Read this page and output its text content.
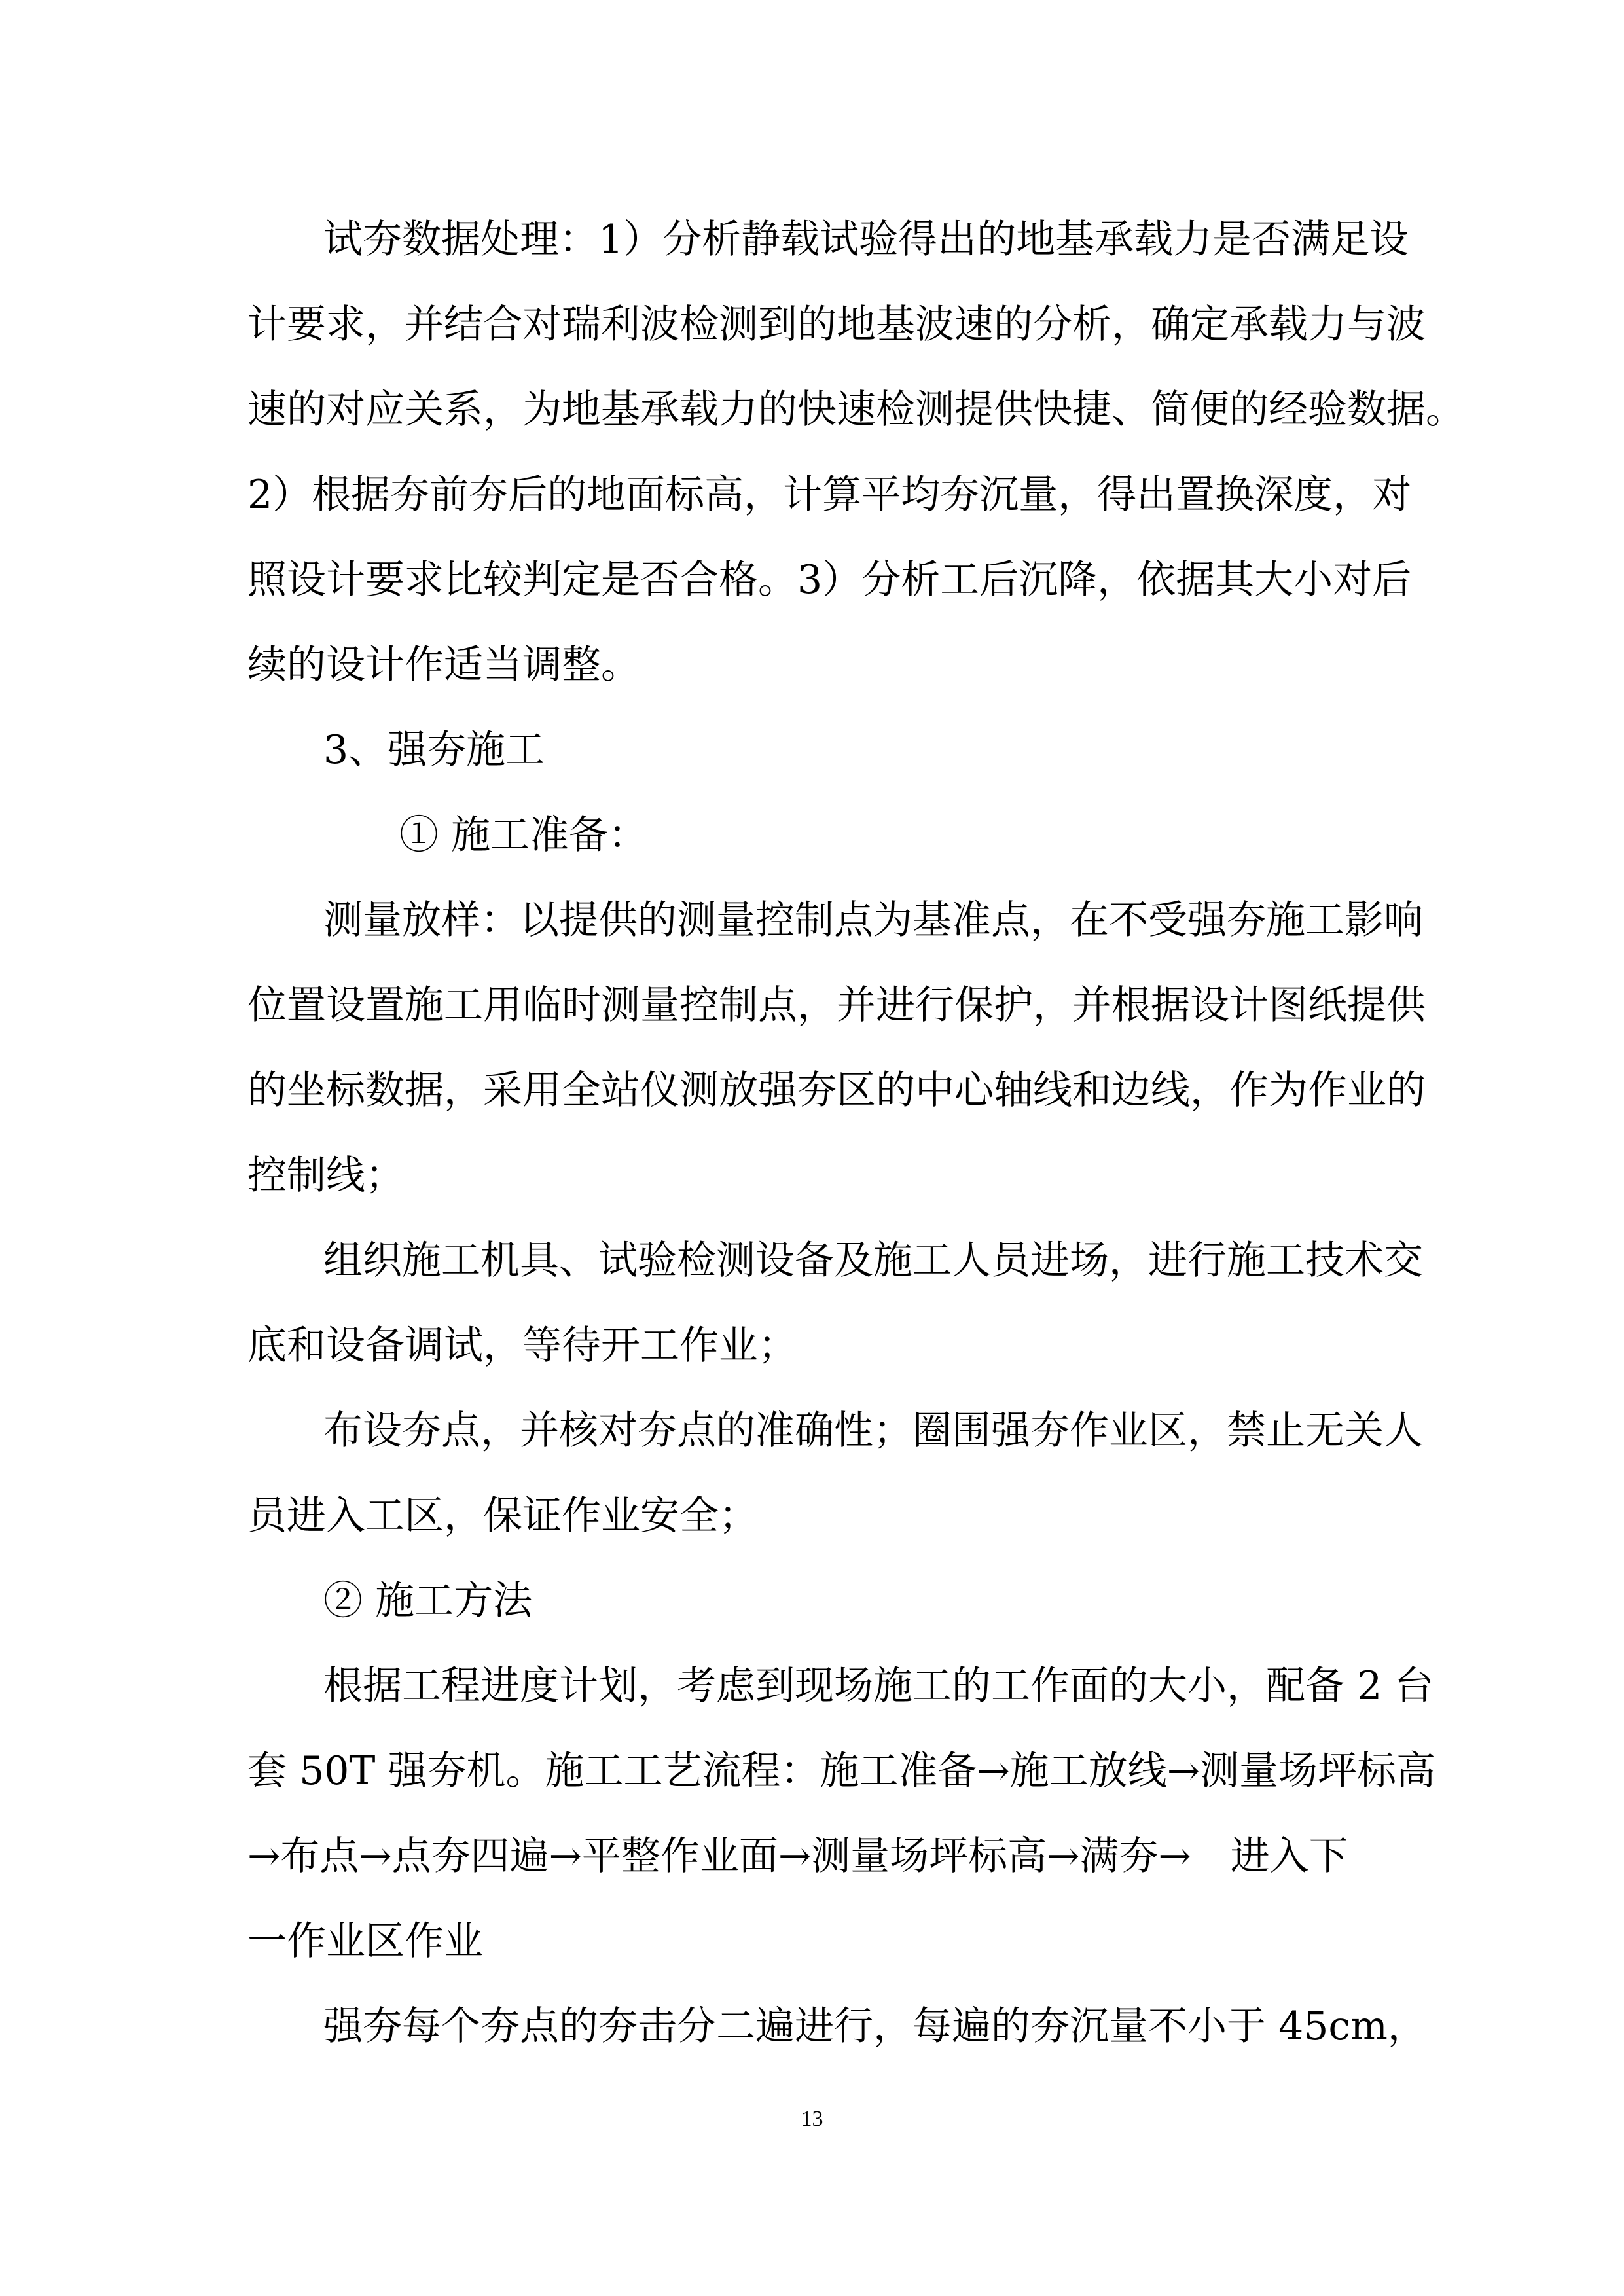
试夯数据处理：1）分析静载试验得出的地基承载力是否满足设
计要求，并结合对瑞利波检测到的地基波速的分析，确定承载力与波
速的对应关系，为地基承载力的快速检测提供快捷、简便的经验数据。
2）根据夯前夯后的地面标高，计算平均夯沉量，得出置换深度，对
照设计要求比较判定是否合格。3）分析工后沉降，依据其大小对后
续的设计作适当调整。
3、强夯施工
① 施工准备：
测量放样：以提供的测量控制点为基准点，在不受强夯施工影响
位置设置施工用临时测量控制点，并进行保护，并根据设计图纸提供
的坐标数据，采用全站仪测放强夯区的中心轴线和边线，作为作业的
控制线；
组织施工机具、试验检测设备及施工人员进场，进行施工技术交
底和设备调试，等待开工作业；
布设夯点，并核对夯点的准确性；圈围强夯作业区，禁止无关人
员进入工区，保证作业安全；
② 施工方法
根据工程进度计划，考虑到现场施工的工作面的大小，配备 2 台
套 50T 强夯机。施工工艺流程：施工准备→施工放线→测量场坪标高
→布点→点夯四遍→平整作业面→测量场坪标高→满夯→　进入下
一作业区作业
强夯每个夯点的夯击分二遍进行，每遍的夯沉量不小于 45cm，
13
